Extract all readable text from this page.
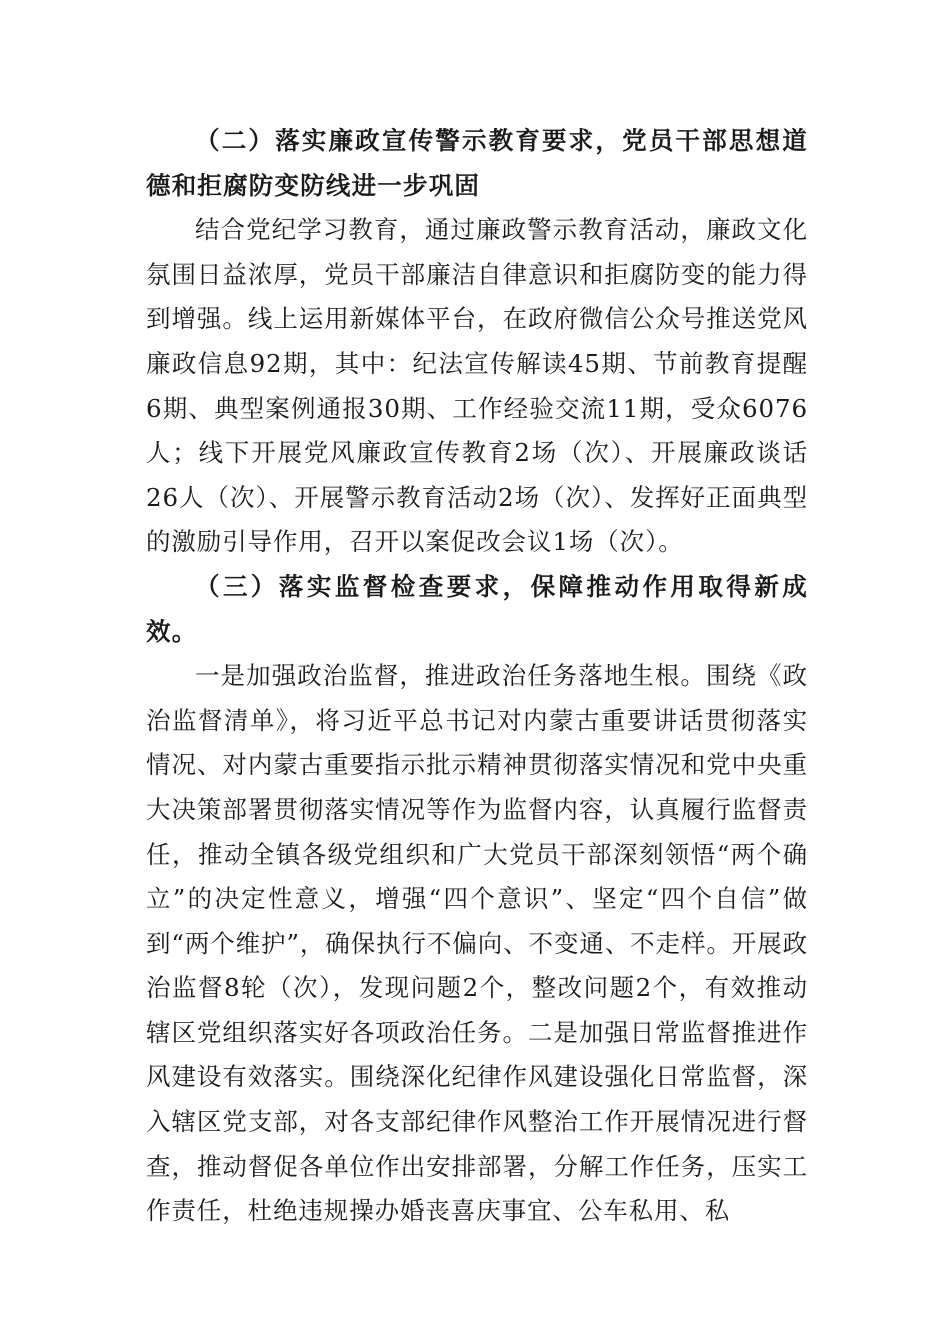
（二）落实廉政宣传警示教育要求，党员干部思想道德和拒腐防变防线进一步巩固

结合党纪学习教育，通过廉政警示教育活动，廉政文化氛围日益浓厚，党员干部廉洁自律意识和拒腐防变的能力得到增强。线上运用新媒体平台，在政府微信公众号推送党风廉政信息92期，其中：纪法宣传解读45期、节前教育提醒6期、典型案例通报30期、工作经验交流11期，受众6076人；线下开展党风廉政宣传教育2场（次）、开展廉政谈话26人（次）、开展警示教育活动2场（次）、发挥好正面典型的激励引导作用，召开以案促改会议1场（次）。

（三）落实监督检查要求，保障推动作用取得新成效。

一是加强政治监督，推进政治任务落地生根。围绕《政治监督清单》，将习近平总书记对内蒙古重要讲话贯彻落实情况、对内蒙古重要指示批示精神贯彻落实情况和党中央重大决策部署贯彻落实情况等作为监督内容，认真履行监督责任，推动全镇各级党组织和广大党员干部深刻领悟“两个确立”的决定性意义，增强“四个意识”、坚定“四个自信”做到“两个维护”，确保执行不偏向、不变通、不走样。开展政治监督8轮（次），发现问题2个，整改问题2个，有效推动辖区党组织落实好各项政治任务。二是加强日常监督推进作风建设有效落实。围绕深化纪律作风建设强化日常监督，深入辖区党支部，对各支部纪律作风整治工作开展情况进行督查，推动督促各单位作出安排部署，分解工作任务，压实工作责任，杜绝违规操办婚丧喜庆事宜、公车私用、私
